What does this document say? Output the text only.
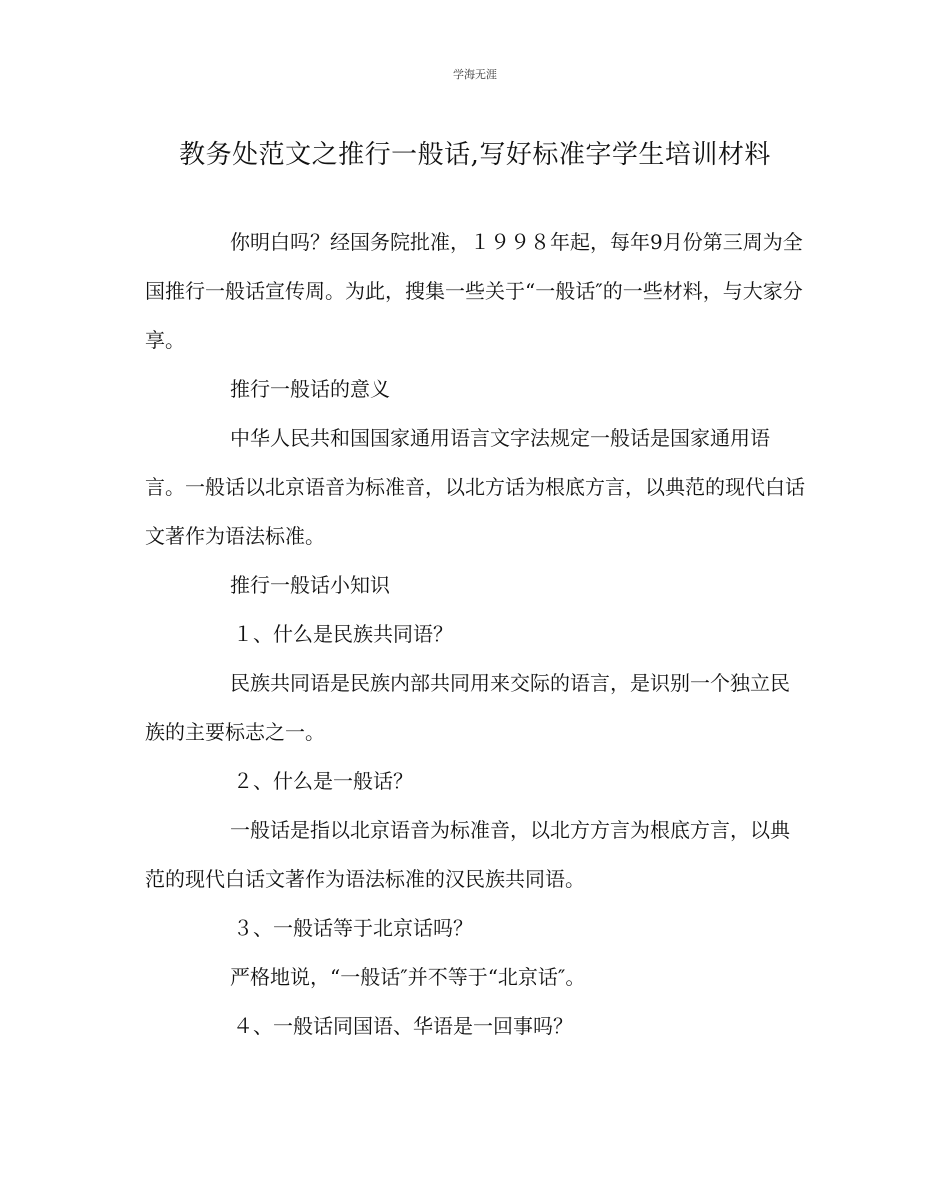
学海无涯
教务处范文之推行一般话,写好标准字学生培训材料

你明白吗？经国务院批准，１９９８年起，每年9月份第三周为全国推行一般话宣传周。为此，搜集一些关于“一般话″的一些材料，与大家分享。

推行一般话的意义

中华人民共和国国家通用语言文字法规定一般话是国家通用语言。一般话以北京语音为标准音，以北方话为根底方言，以典范的现代白话文著作为语法标准。

推行一般话小知识

１、什么是民族共同语？

民族共同语是民族内部共同用来交际的语言，是识别一个独立民族的主要标志之一。

２、什么是一般话？

一般话是指以北京语音为标准音，以北方方言为根底方言，以典范的现代白话文著作为语法标准的汉民族共同语。

３、一般话等于北京话吗？

严格地说，“一般话″并不等于“北京话″。

４、一般话同国语、华语是一回事吗？
